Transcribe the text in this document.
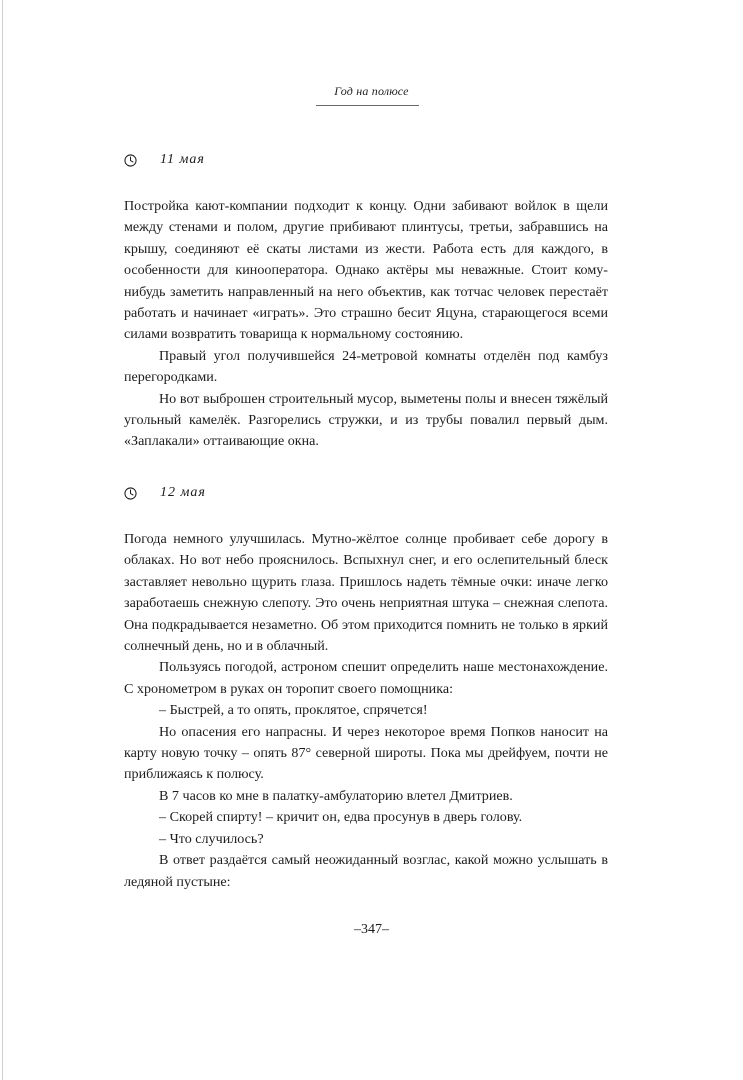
Год на полюсе
11 мая

Постройка кают-компании подходит к концу. Одни забивают войлок в щели между стенами и полом, другие прибивают плинтусы, третьи, забравшись на крышу, соединяют её скаты листами из жести. Работа есть для каждого, в особенности для кинооператора. Однако актёры мы неважные. Стоит кому-нибудь заметить направленный на него объектив, как тотчас человек перестаёт работать и начинает «играть». Это страшно бесит Яцуна, старающегося всеми силами возвратить товарища к нормальному состоянию.

Правый угол получившейся 24-метровой комнаты отделён под камбуз перегородками.

Но вот выброшен строительный мусор, выметены полы и внесен тяжёлый угольный камелёк. Разгорелись стружки, и из трубы повалил первый дым. «Заплакали» оттаивающие окна.

12 мая

Погода немного улучшилась. Мутно-жёлтое солнце пробивает себе дорогу в облаках. Но вот небо прояснилось. Вспыхнул снег, и его ослепительный блеск заставляет невольно щурить глаза. Пришлось надеть тёмные очки: иначе легко заработаешь снежную слепоту. Это очень неприятная штука – снежная слепота. Она подкрадывается незаметно. Об этом приходится помнить не только в яркий солнечный день, но и в облачный.

Пользуясь погодой, астроном спешит определить наше местонахождение. С хронометром в руках он торопит своего помощника:

– Быстрей, а то опять, проклятое, спрячется!

Но опасения его напрасны. И через некоторое время Попков наносит на карту новую точку – опять 87° северной широты. Пока мы дрейфуем, почти не приближаясь к полюсу.

В 7 часов ко мне в палатку-амбулаторию влетел Дмитриев.

– Скорей спирту! – кричит он, едва просунув в дверь голову.

– Что случилось?

В ответ раздаётся самый неожиданный возглас, какой можно услышать в ледяной пустыне:

–347–
